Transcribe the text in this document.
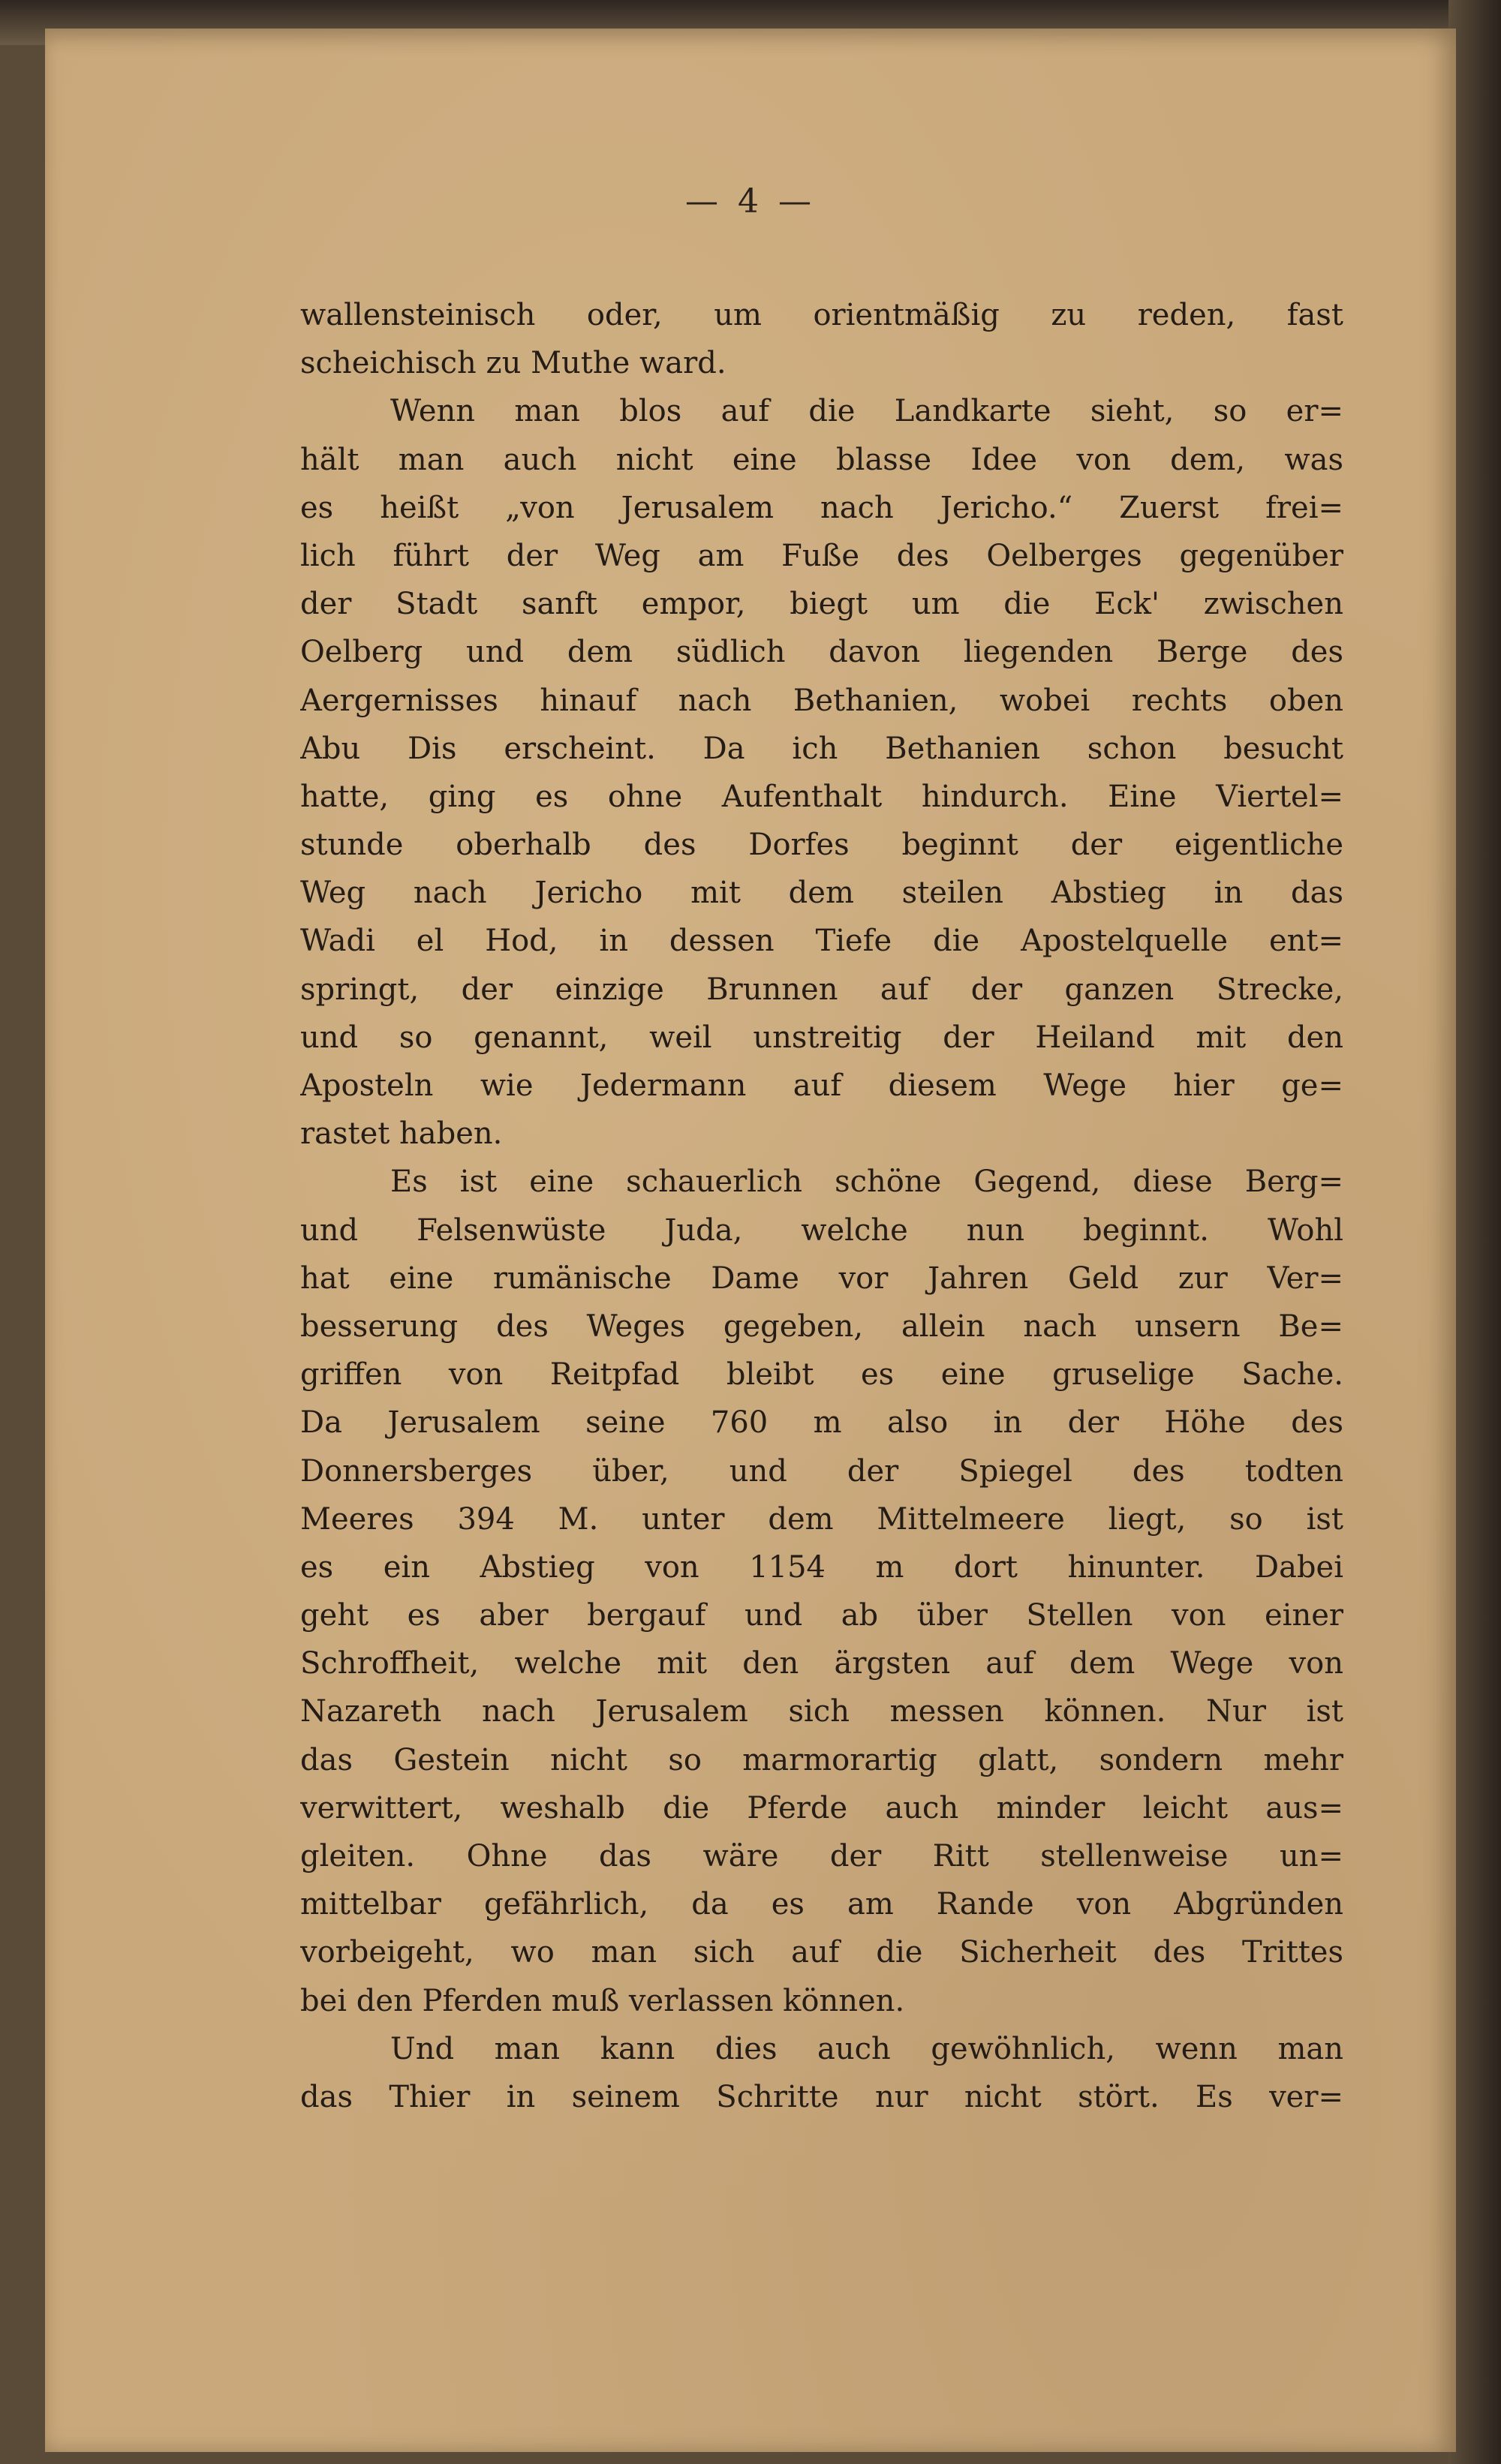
— 4 —
wallensteinisch oder, um orientmäßig zu reden, fast
scheichisch zu Muthe ward.
Wenn man blos auf die Landkarte sieht, so er=
hält man auch nicht eine blasse Idee von dem, was
es heißt „von Jerusalem nach Jericho.“ Zuerst frei=
lich führt der Weg am Fuße des Oelberges gegenüber
der Stadt sanft empor, biegt um die Eck' zwischen
Oelberg und dem südlich davon liegenden Berge des
Aergernisses hinauf nach Bethanien, wobei rechts oben
Abu Dis erscheint. Da ich Bethanien schon besucht
hatte, ging es ohne Aufenthalt hindurch. Eine Viertel=
stunde oberhalb des Dorfes beginnt der eigentliche
Weg nach Jericho mit dem steilen Abstieg in das
Wadi el Hod, in dessen Tiefe die Apostelquelle ent=
springt, der einzige Brunnen auf der ganzen Strecke,
und so genannt, weil unstreitig der Heiland mit den
Aposteln wie Jedermann auf diesem Wege hier ge=
rastet haben.
Es ist eine schauerlich schöne Gegend, diese Berg=
und Felsenwüste Juda, welche nun beginnt. Wohl
hat eine rumänische Dame vor Jahren Geld zur Ver=
besserung des Weges gegeben, allein nach unsern Be=
griffen von Reitpfad bleibt es eine gruselige Sache.
Da Jerusalem seine 760 m also in der Höhe des
Donnersberges über, und der Spiegel des todten
Meeres 394 M. unter dem Mittelmeere liegt, so ist
es ein Abstieg von 1154 m dort hinunter. Dabei
geht es aber bergauf und ab über Stellen von einer
Schroffheit, welche mit den ärgsten auf dem Wege von
Nazareth nach Jerusalem sich messen können. Nur ist
das Gestein nicht so marmorartig glatt, sondern mehr
verwittert, weshalb die Pferde auch minder leicht aus=
gleiten. Ohne das wäre der Ritt stellenweise un=
mittelbar gefährlich, da es am Rande von Abgründen
vorbeigeht, wo man sich auf die Sicherheit des Trittes
bei den Pferden muß verlassen können.
Und man kann dies auch gewöhnlich, wenn man
das Thier in seinem Schritte nur nicht stört. Es ver=
